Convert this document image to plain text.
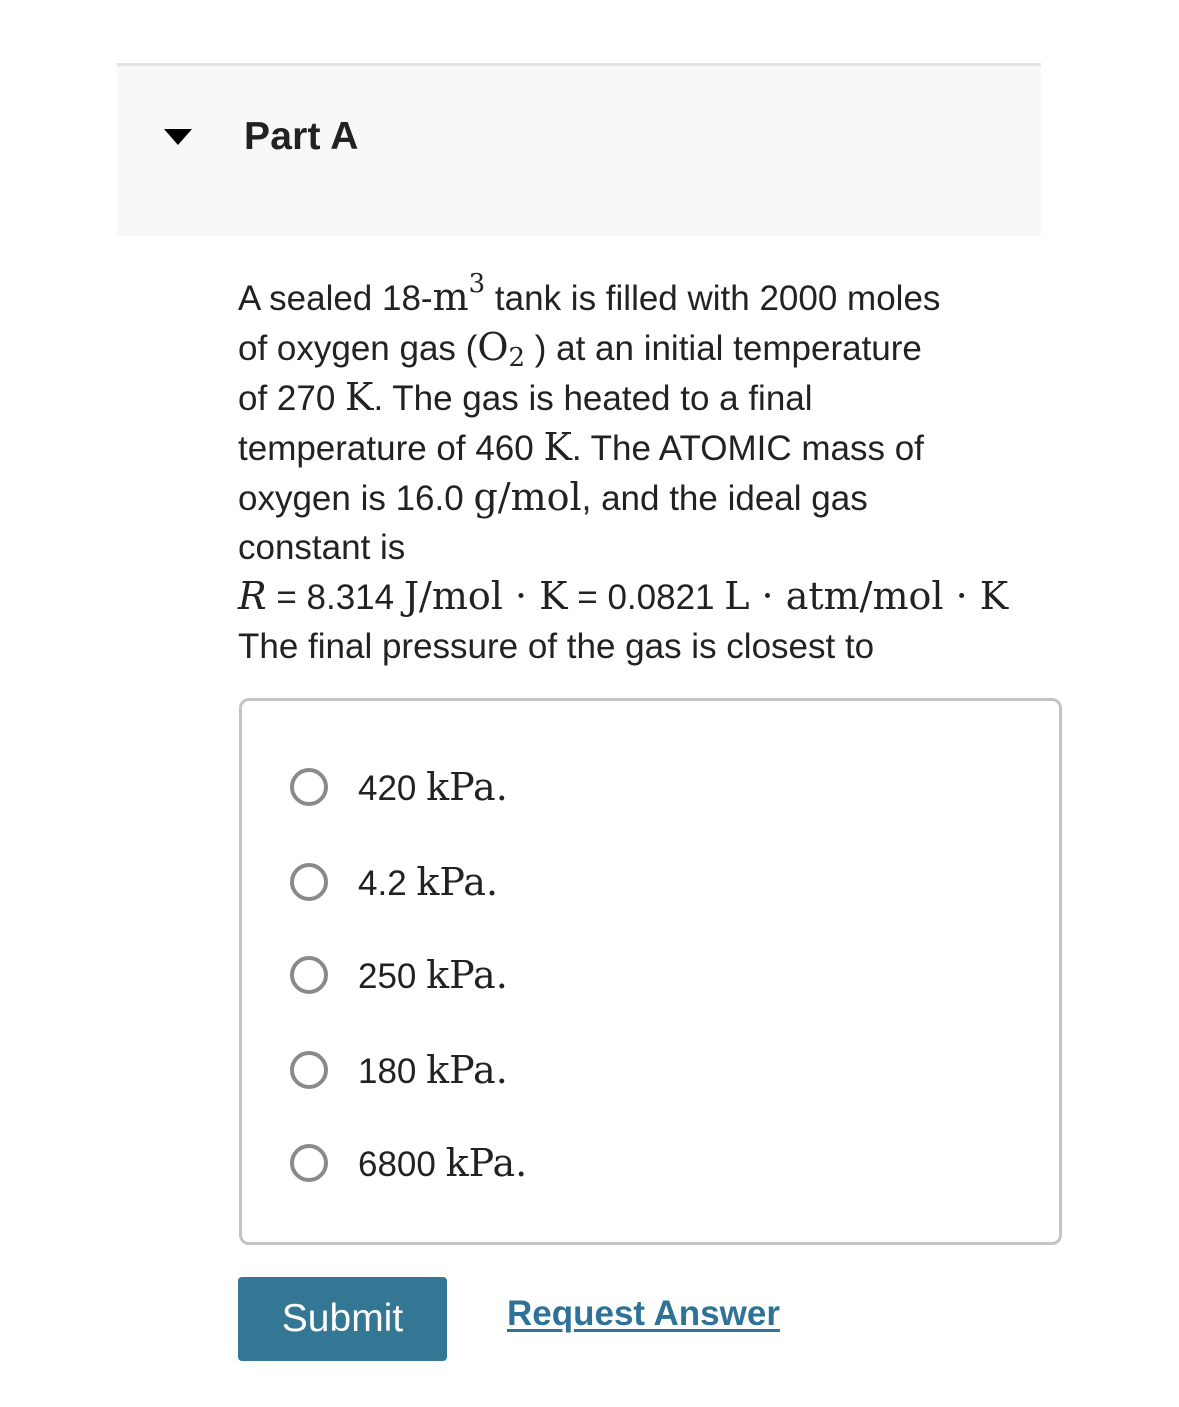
Part A
A sealed $18-m^3$ tank is filled with 2000 moles
of oxygen gas ($O_2$ ) at an initial temperature
of 270 K. The gas is heated to a final
temperature of 460 K. The ATOMIC mass of
oxygen is 16.0 g/mol, and the ideal gas
constant is
R = 8.314 J/mol · K = 0.0821 L · atm/mol · K
The final pressure of the gas is closest to
420 kPa.
4.2 kPa.
250 kPa.
180 kPa.
6800 kPa.
Submit	Request Answer
